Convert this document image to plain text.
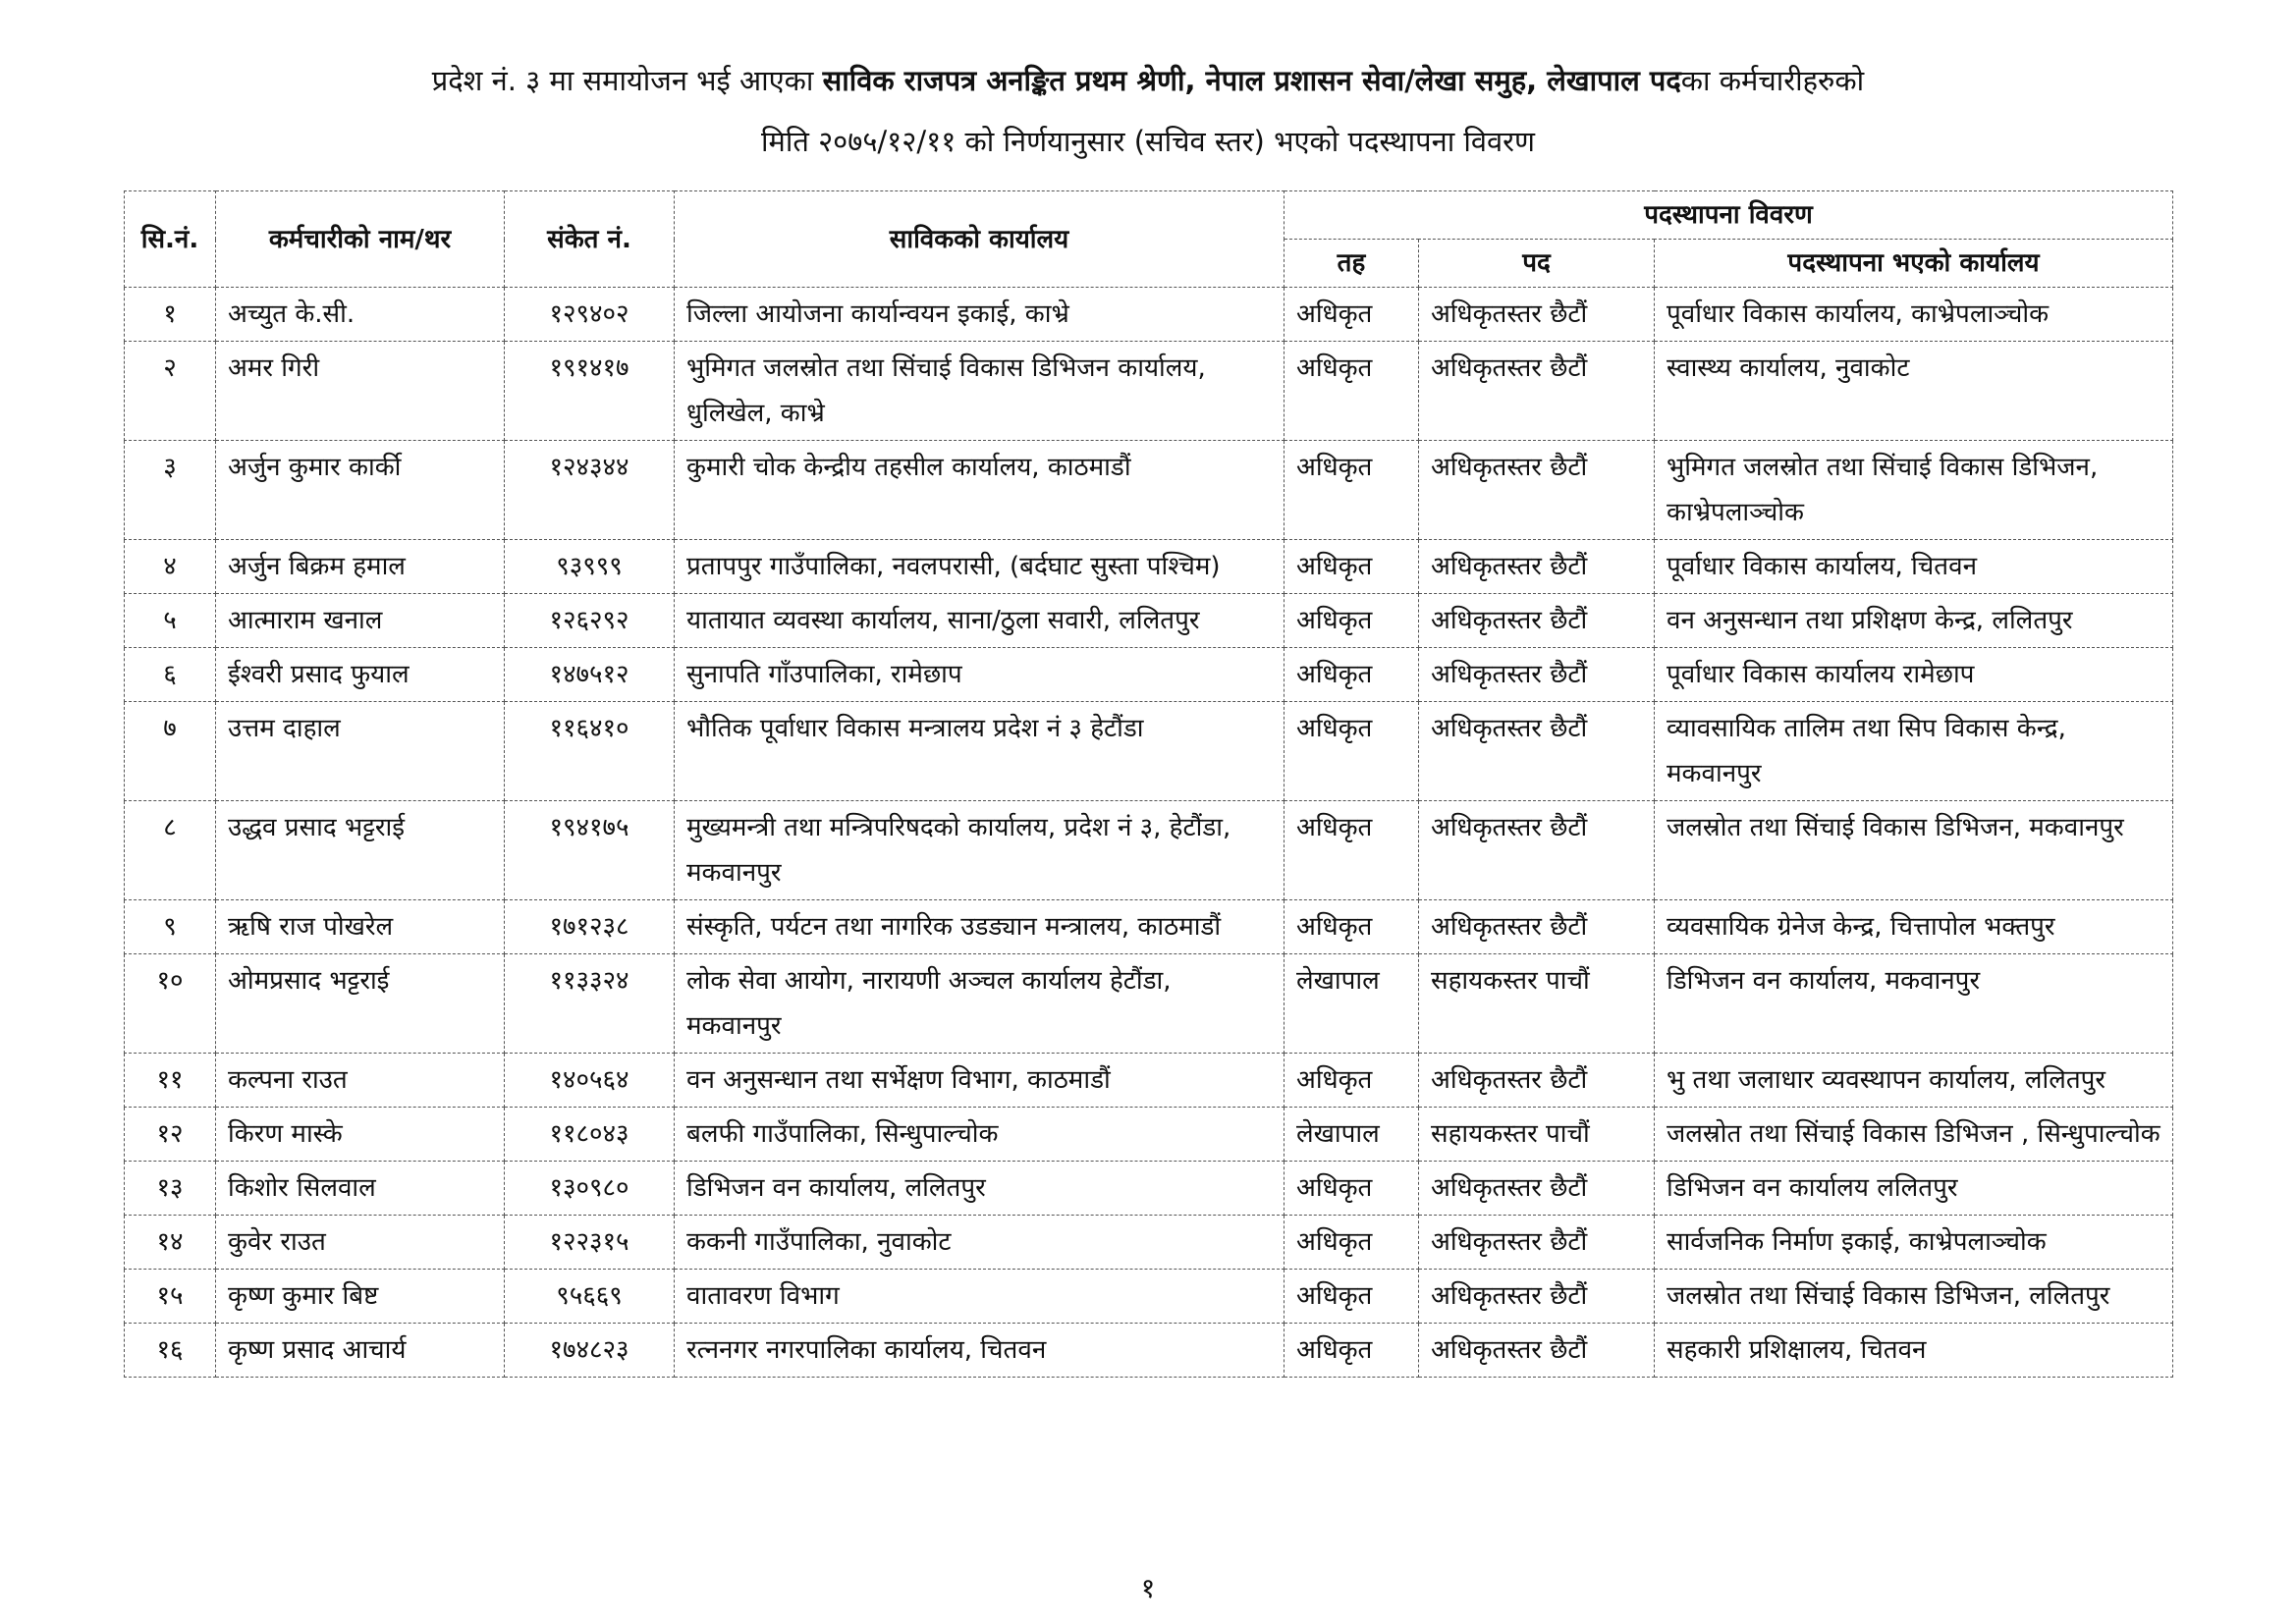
प्रदेश नं. ३ मा समायोजन भई आएका साविक राजपत्र अनङ्कित प्रथम श्रेणी, नेपाल प्रशासन सेवा/लेखा समुह, लेखापाल पदका कर्मचारीहरुको
मिति २०७५/१२/११ को निर्णयानुसार (सचिव स्तर) भएको पदस्थापना विवरण
सि.नं.	कर्मचारीको नाम/थर	संकेत नं.	साविकको कार्यालय	पदस्थापना विवरण		
				तह	पद	पदस्थापना भएको कार्यालय
१	अच्युत के.सी.	१२९४०२	जिल्ला आयोजना कार्यान्वयन इकाई, काभ्रे	अधिकृत	अधिकृतस्तर छैटौं	पूर्वाधार विकास कार्यालय, काभ्रेपलाञ्चोक
२	अमर गिरी	१९१४१७	भुमिगत जलस्रोत तथा सिंचाई विकास डिभिजन कार्यालय, धुलिखेल, काभ्रे	अधिकृत	अधिकृतस्तर छैटौं	स्वास्थ्य कार्यालय, नुवाकोट
३	अर्जुन कुमार कार्की	१२४३४४	कुमारी चोक केन्द्रीय तहसील कार्यालय, काठमाडौं	अधिकृत	अधिकृतस्तर छैटौं	भुमिगत जलस्रोत तथा सिंचाई विकास डिभिजन, काभ्रेपलाञ्चोक
४	अर्जुन बिक्रम हमाल	९३९९९	प्रतापपुर गाउँपालिका, नवलपरासी, (बर्दघाट सुस्ता पश्चिम)	अधिकृत	अधिकृतस्तर छैटौं	पूर्वाधार विकास कार्यालय, चितवन
५	आत्माराम खनाल	१२६२९२	यातायात व्यवस्था कार्यालय, साना/ठुला सवारी, ललितपुर	अधिकृत	अधिकृतस्तर छैटौं	वन अनुसन्धान तथा प्रशिक्षण केन्द्र, ललितपुर
६	ईश्वरी प्रसाद फुयाल	१४७५१२	सुनापति गाँउपालिका, रामेछाप	अधिकृत	अधिकृतस्तर छैटौं	पूर्वाधार विकास कार्यालय रामेछाप
७	उत्तम दाहाल	११६४१०	भौतिक पूर्वाधार विकास मन्त्रालय प्रदेश नं ३ हेटौंडा	अधिकृत	अधिकृतस्तर छैटौं	व्यावसायिक तालिम तथा सिप विकास केन्द्र, मकवानपुर
८	उद्धव प्रसाद भट्टराई	१९४१७५	मुख्यमन्त्री तथा मन्त्रिपरिषदको कार्यालय, प्रदेश नं ३, हेटौंडा, मकवानपुर	अधिकृत	अधिकृतस्तर छैटौं	जलस्रोत तथा सिंचाई विकास डिभिजन, मकवानपुर
९	ऋषि राज पोखरेल	१७१२३८	संस्कृति, पर्यटन तथा नागरिक उडड्यान मन्त्रालय, काठमाडौं	अधिकृत	अधिकृतस्तर छैटौं	व्यवसायिक ग्रेनेज केन्द्र, चित्तापोल भक्तपुर
१०	ओमप्रसाद भट्टराई	११३३२४	लोक सेवा आयोग, नारायणी अञ्चल कार्यालय हेटौंडा, मकवानपुर	लेखापाल	सहायकस्तर पाचौं	डिभिजन वन कार्यालय, मकवानपुर
११	कल्पना राउत	१४०५६४	वन अनुसन्धान तथा सर्भेक्षण विभाग, काठमाडौं	अधिकृत	अधिकृतस्तर छैटौं	भु तथा जलाधार व्यवस्थापन कार्यालय, ललितपुर
१२	किरण मास्के	११८०४३	बलफी गाउँपालिका, सिन्धुपाल्चोक	लेखापाल	सहायकस्तर पाचौं	जलस्रोत तथा सिंचाई विकास डिभिजन , सिन्धुपाल्चोक
१३	किशोर सिलवाल	१३०९८०	डिभिजन वन कार्यालय, ललितपुर	अधिकृत	अधिकृतस्तर छैटौं	डिभिजन वन कार्यालय ललितपुर
१४	कुवेर राउत	१२२३१५	ककनी गाउँपालिका, नुवाकोट	अधिकृत	अधिकृतस्तर छैटौं	सार्वजनिक निर्माण इकाई, काभ्रेपलाञ्चोक
१५	कृष्ण कुमार बिष्ट	९५६६९	वातावरण विभाग	अधिकृत	अधिकृतस्तर छैटौं	जलस्रोत तथा सिंचाई विकास डिभिजन, ललितपुर
१६	कृष्ण प्रसाद आचार्य	१७४८२३	रत्ननगर नगरपालिका कार्यालय, चितवन	अधिकृत	अधिकृतस्तर छैटौं	सहकारी प्रशिक्षालय, चितवन
१
